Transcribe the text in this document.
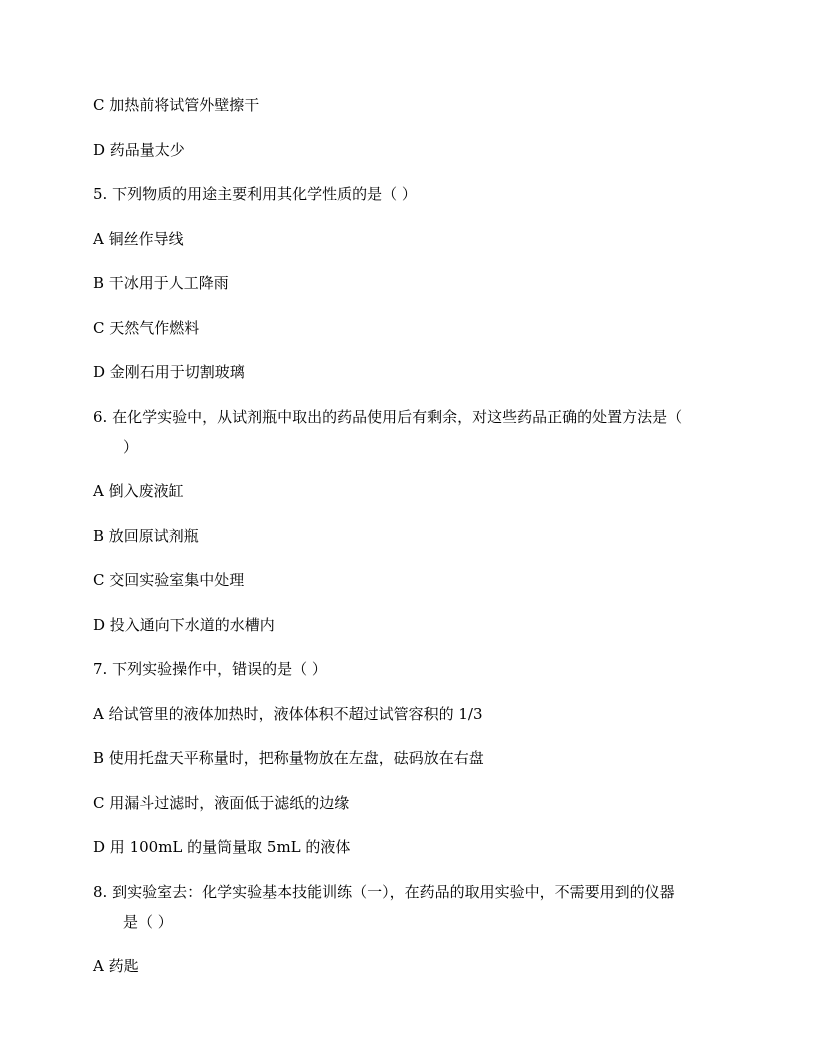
C 加热前将试管外壁擦干
D 药品量太少
5. 下列物质的用途主要利用其化学性质的是（ ）
A 铜丝作导线
B 干冰用于人工降雨
C 天然气作燃料
D 金刚石用于切割玻璃
6. 在化学实验中，从试剂瓶中取出的药品使用后有剩余，对这些药品正确的处置方法是（
）
A 倒入废液缸
B 放回原试剂瓶
C 交回实验室集中处理
D 投入通向下水道的水槽内
7. 下列实验操作中，错误的是（ ）
A 给试管里的液体加热时，液体体积不超过试管容积的 1/3
B 使用托盘天平称量时，把称量物放在左盘，砝码放在右盘
C 用漏斗过滤时，液面低于滤纸的边缘
D 用 100mL 的量筒量取 5mL 的液体
8. 到实验室去：化学实验基本技能训练（一），在药品的取用实验中，不需要用到的仪器
是（ ）
A 药匙
